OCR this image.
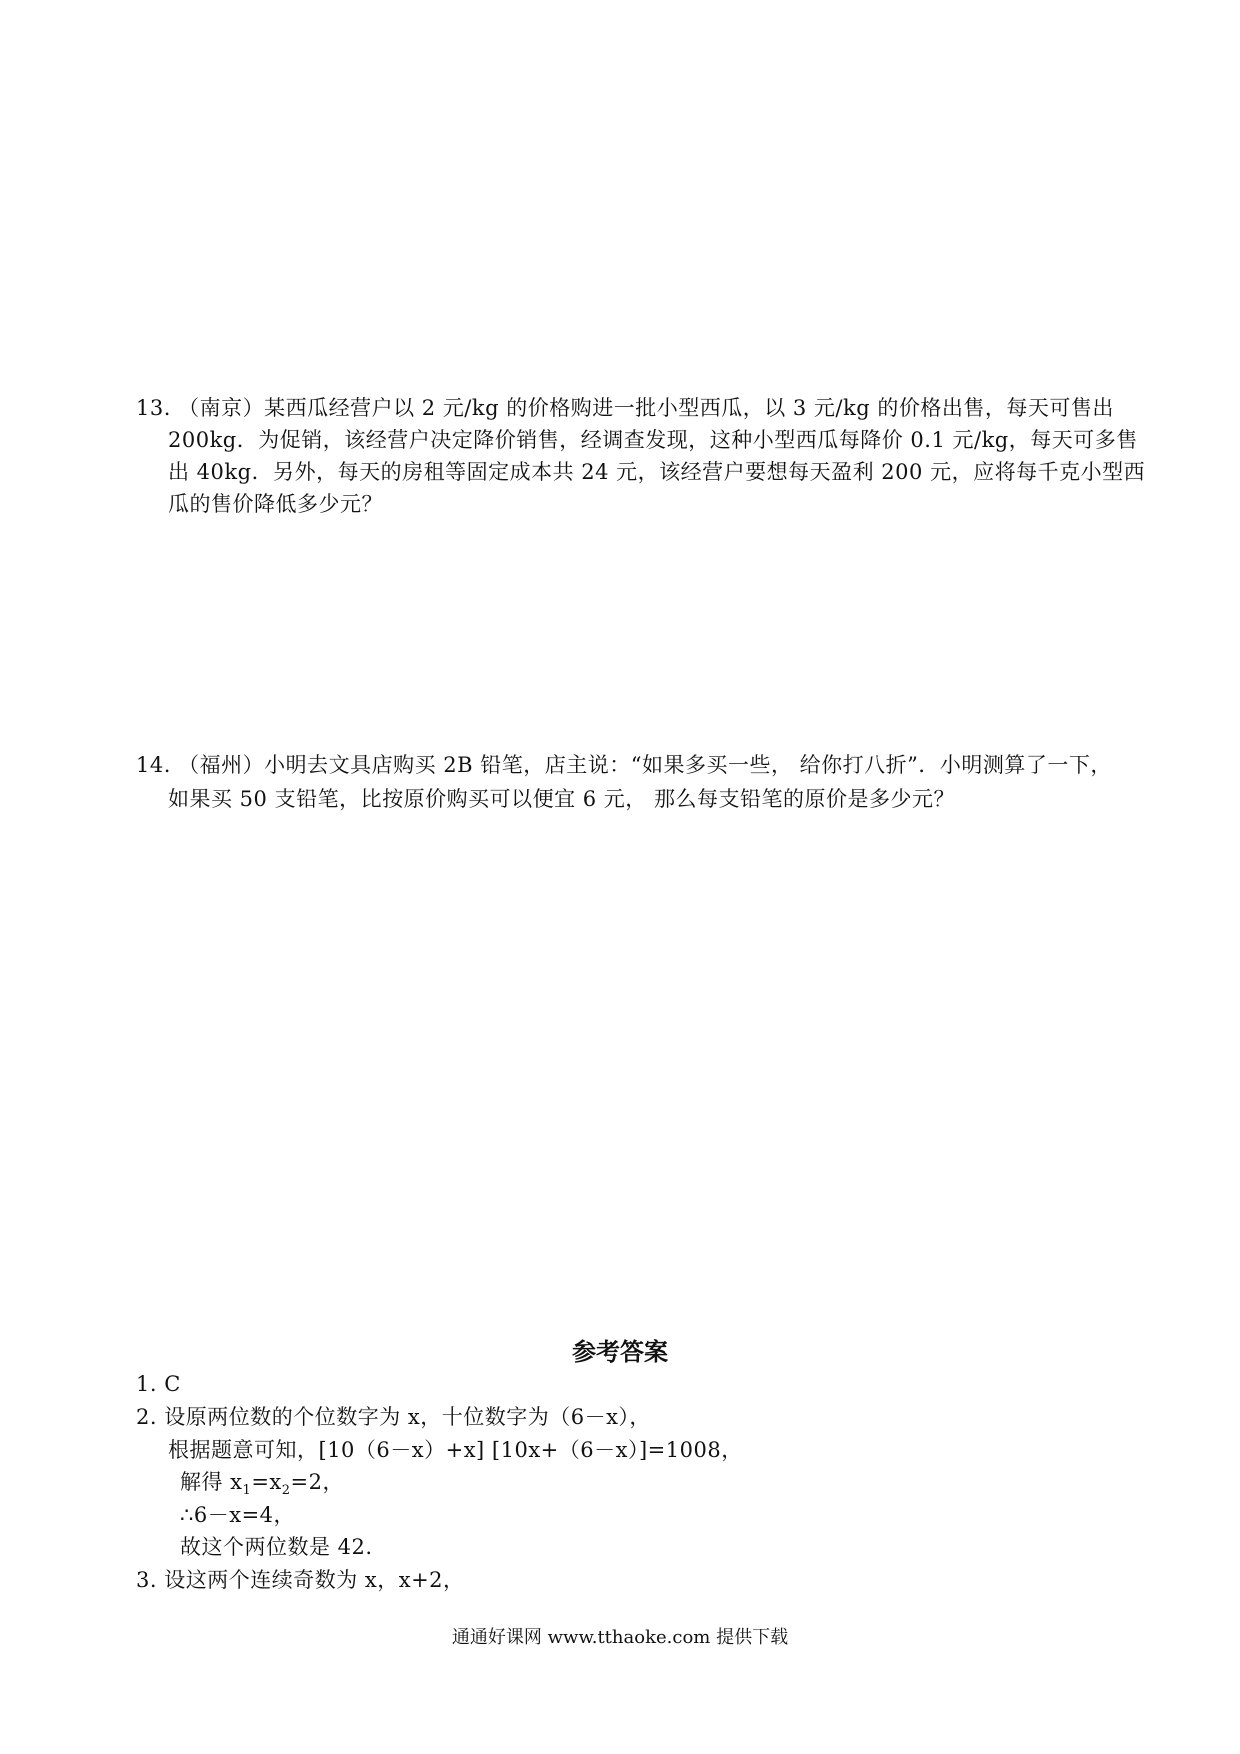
13. （南京）某西瓜经营户以 2 元/kg 的价格购进一批小型西瓜，以 3 元/kg 的价格出售，每天可售出
200kg．为促销，该经营户决定降价销售，经调查发现，这种小型西瓜每降价 0.1 元/kg，每天可多售
出 40kg．另外，每天的房租等固定成本共 24 元，该经营户要想每天盈利 200 元，应将每千克小型西
瓜的售价降低多少元？
14. （福州）小明去文具店购买 2B 铅笔，店主说：“如果多买一些， 给你打八折”．小明测算了一下，
如果买 50 支铅笔，比按原价购买可以便宜 6 元， 那么每支铅笔的原价是多少元？
参考答案
1. C
2. 设原两位数的个位数字为 x，十位数字为（6－x），
根据题意可知，[10（6－x）+x] [10x+（6－x）]=1008，
解得 $x_1=x_2=2$，
∴6－x=4，
故这个两位数是 42.
3. 设这两个连续奇数为 x，x+2，
通通好课网 www.tthaoke.com 提供下载
